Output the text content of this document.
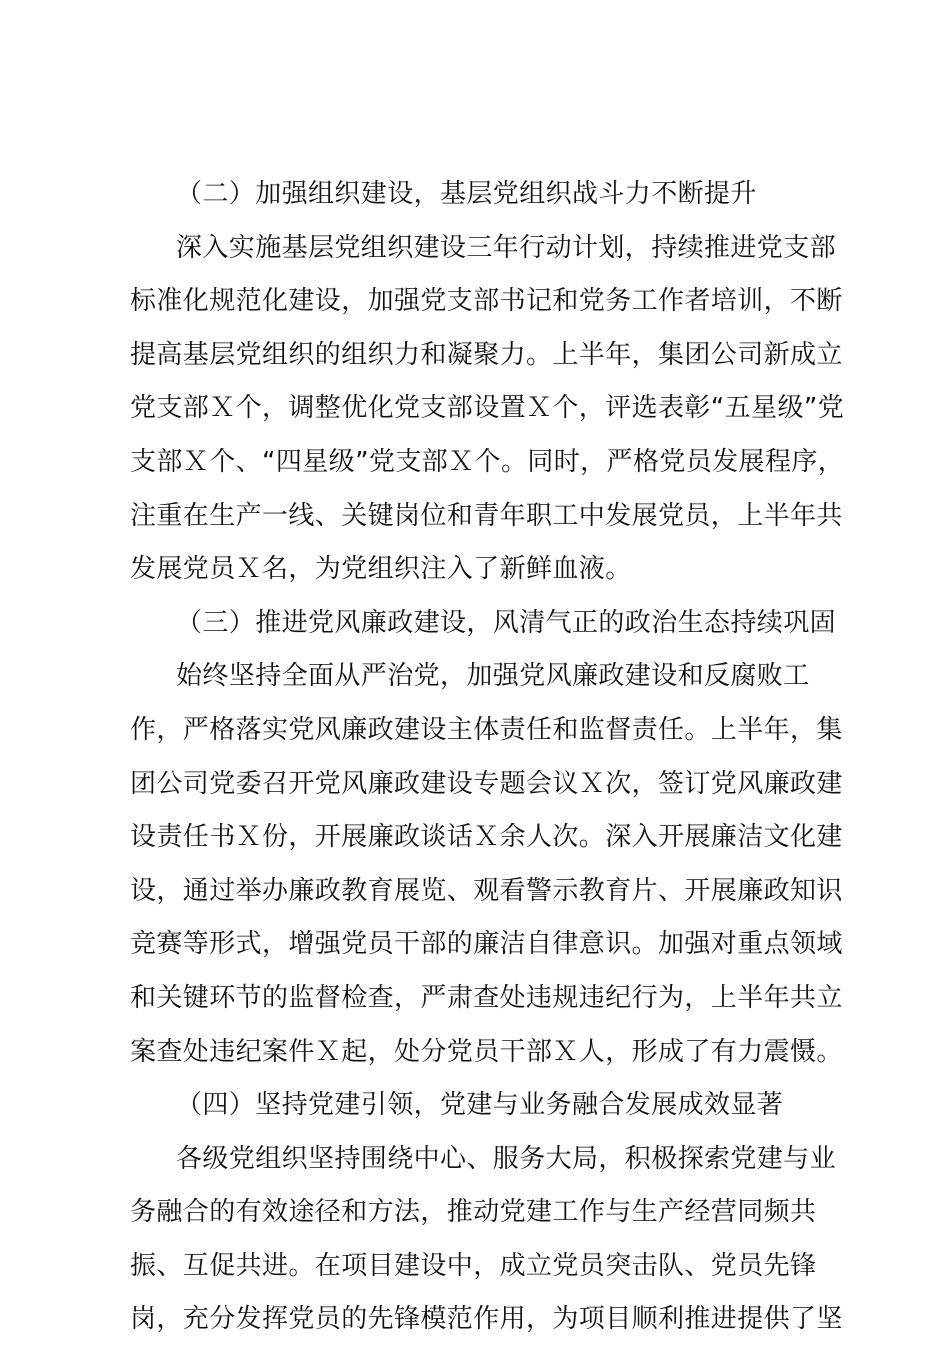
（二）加强组织建设，基层党组织战斗力不断提升
深入实施基层党组织建设三年行动计划，持续推进党支部
标准化规范化建设，加强党支部书记和党务工作者培训，不断
提高基层党组织的组织力和凝聚力。上半年，集团公司新成立
党支部Ｘ个，调整优化党支部设置Ｘ个，评选表彰“五星级”党
支部Ｘ个、“四星级”党支部Ｘ个。同时，严格党员发展程序，
注重在生产一线、关键岗位和青年职工中发展党员，上半年共
发展党员Ｘ名，为党组织注入了新鲜血液。
（三）推进党风廉政建设，风清气正的政治生态持续巩固
始终坚持全面从严治党，加强党风廉政建设和反腐败工
作，严格落实党风廉政建设主体责任和监督责任。上半年，集
团公司党委召开党风廉政建设专题会议Ｘ次，签订党风廉政建
设责任书Ｘ份，开展廉政谈话Ｘ余人次。深入开展廉洁文化建
设，通过举办廉政教育展览、观看警示教育片、开展廉政知识
竞赛等形式，增强党员干部的廉洁自律意识。加强对重点领域
和关键环节的监督检查，严肃查处违规违纪行为，上半年共立
案查处违纪案件Ｘ起，处分党员干部Ｘ人，形成了有力震慑。
（四）坚持党建引领，党建与业务融合发展成效显著
各级党组织坚持围绕中心、服务大局，积极探索党建与业
务融合的有效途径和方法，推动党建工作与生产经营同频共
振、互促共进。在项目建设中，成立党员突击队、党员先锋
岗，充分发挥党员的先锋模范作用，为项目顺利推进提供了坚
